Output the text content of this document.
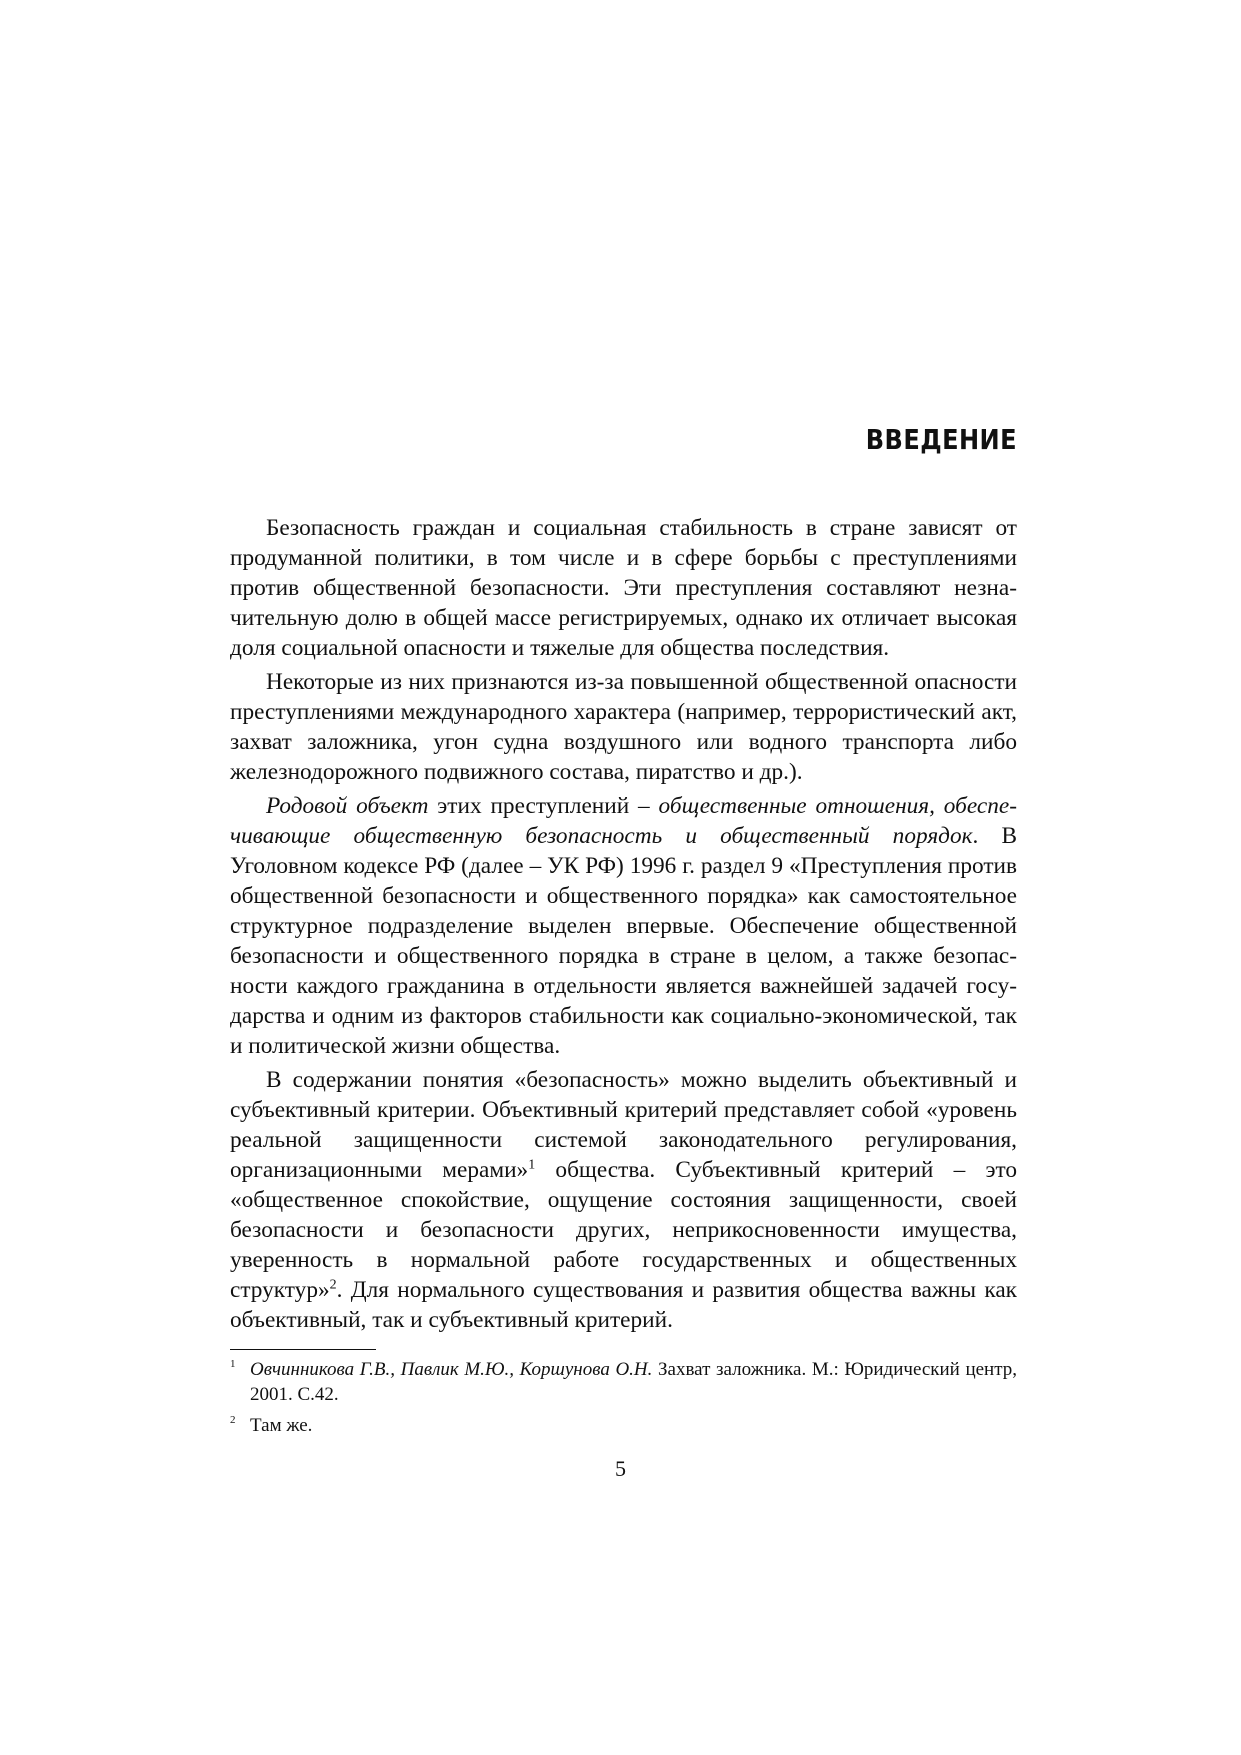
ВВЕДЕНИЕ

Безопасность граждан и социальная стабильность в стране зависят от продуманной политики, в том числе и в сфере борьбы с преступлениями против общественной безопасности. Эти преступления составляют незначительную долю в общей массе регистрируемых, однако их отличает высокая доля социальной опасности и тяжелые для общества последствия.

Некоторые из них признаются из-за повышенной общественной опасности преступлениями международного характера (например, террористический акт, захват заложника, угон судна воздушного или водного транспорта либо железнодорожного подвижного состава, пиратство и др.).

Родовой объект этих преступлений – общественные отношения, обеспечивающие общественную безопасность и общественный порядок. В Уголовном кодексе РФ (далее – УК РФ) 1996 г. раздел 9 «Преступления против общественной безопасности и общественного порядка» как самостоятельное структурное подразделение выделен впервые. Обеспечение общественной безопасности и общественного порядка в стране в целом, а также безопасности каждого гражданина в отдельности является важнейшей задачей государства и одним из факторов стабильности как социально-экономической, так и политической жизни общества.

В содержании понятия «безопасность» можно выделить объективный и субъективный критерии. Объективный критерий представляет собой «уровень реальной защищенности системой законодательного регулирования, организационными мерами»$^1$ общества. Субъективный критерий – это «общественное спокойствие, ощущение состояния защищенности, своей безопасности и безопасности других, неприкосновенности имущества, уверенность в нормальной работе государственных и общественных структур»$^2$. Для нормального существования и развития общества важны как объективный, так и субъективный критерий.

1 Овчинникова Г.В., Павлик М.Ю., Коршунова О.Н. Захват заложника. М.: Юридический центр, 2001. С.42.
2 Там же.
5
